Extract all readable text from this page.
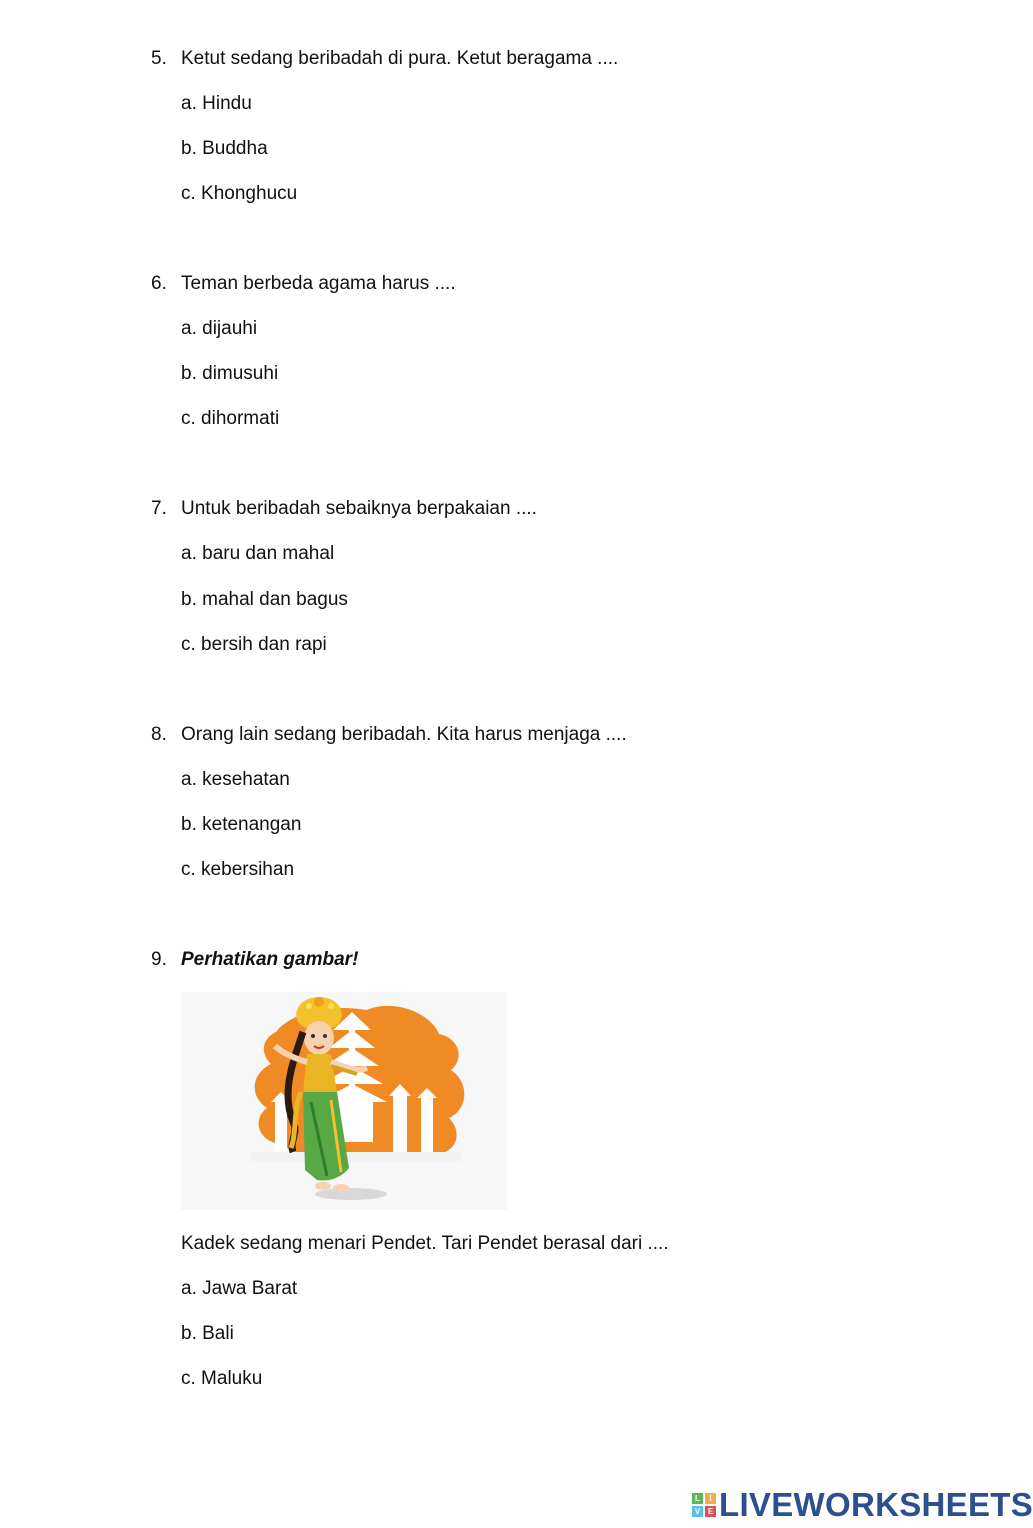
5. Ketut sedang beribadah di pura. Ketut beragama ....
a. Hindu
b. Buddha
c. Khonghucu
6. Teman berbeda agama harus ....
a. dijauhi
b. dimusuhi
c. dihormati
7. Untuk beribadah sebaiknya berpakaian ....
a. baru dan mahal
b. mahal dan bagus
c. bersih dan rapi
8. Orang lain sedang beribadah. Kita harus menjaga ....
a. kesehatan
b. ketenangan
c. kebersihan
9. Perhatikan gambar!
Kadek sedang menari Pendet. Tari Pendet berasal dari ....
a. Jawa Barat
b. Bali
c. Maluku
L	I
V E LIVEWORKSHEETS
